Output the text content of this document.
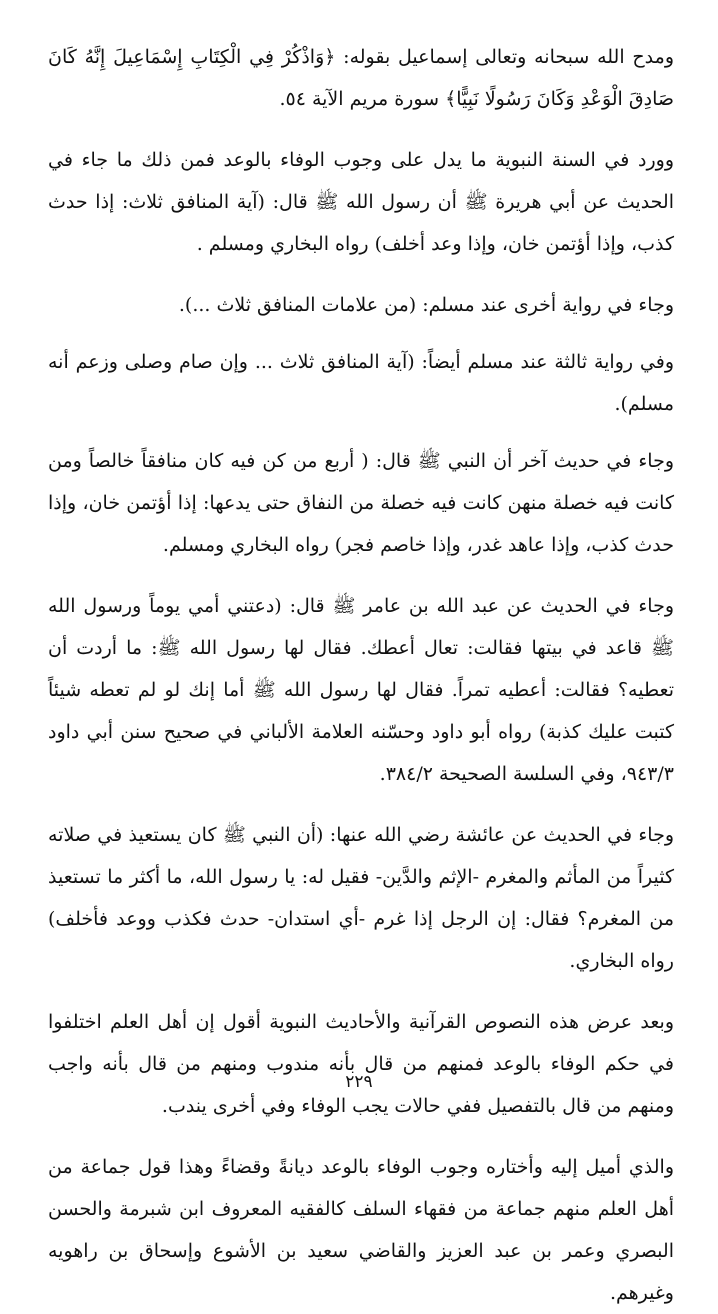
ومدح الله سبحانه وتعالى إسماعيل بقوله: ﴿وَاذْكُرْ فِي الْكِتَابِ إِسْمَاعِيلَ إِنَّهُ كَانَ صَادِقَ الْوَعْدِ وَكَانَ رَسُولًا نَبِيًّا﴾ سورة مريم الآية ٥٤.

وورد في السنة النبوية ما يدل على وجوب الوفاء بالوعد فمن ذلك ما جاء في الحديث عن أبي هريرة ﷺ أن رسول الله ﷺ قال: (آية المنافق ثلاث: إذا حدث كذب، وإذا أؤتمن خان، وإذا وعد أخلف) رواه البخاري ومسلم .

وجاء في رواية أخرى عند مسلم: (من علامات المنافق ثلاث ...).

وفي رواية ثالثة عند مسلم أيضاً: (آية المنافق ثلاث ... وإن صام وصلى وزعم أنه مسلم).

وجاء في حديث آخر أن النبي ﷺ قال: ( أربع من كن فيه كان منافقاً خالصاً ومن كانت فيه خصلة منهن كانت فيه خصلة من النفاق حتى يدعها: إذا أؤتمن خان، وإذا حدث كذب، وإذا عاهد غدر، وإذا خاصم فجر) رواه البخاري ومسلم.

وجاء في الحديث عن عبد الله بن عامر ﷺ قال: (دعتني أمي يوماً ورسول الله ﷺ قاعد في بيتها فقالت: تعال أعطك. فقال لها رسول الله ﷺ: ما أردت أن تعطيه؟ فقالت: أعطيه تمراً. فقال لها رسول الله ﷺ أما إنك لو لم تعطه شيئاً كتبت عليك كذبة) رواه أبو داود وحسّنه العلامة الألباني في صحيح سنن أبي داود ٩٤٣/٣، وفي السلسة الصحيحة ٣٨٤/٢.

وجاء في الحديث عن عائشة رضي الله عنها: (أن النبي ﷺ كان يستعيذ في صلاته كثيراً من المأثم والمغرم -الإثم والدَّين- فقيل له: يا رسول الله، ما أكثر ما تستعيذ من المغرم؟ فقال: إن الرجل إذا غرم -أي استدان- حدث فكذب ووعد فأخلف) رواه البخاري.

وبعد عرض هذه النصوص القرآنية والأحاديث النبوية أقول إن أهل العلم اختلفوا في حكم الوفاء بالوعد فمنهم من قال بأنه مندوب ومنهم من قال بأنه واجب ومنهم من قال بالتفصيل ففي حالات يجب الوفاء وفي أخرى يندب.

والذي أميل إليه وأختاره وجوب الوفاء بالوعد ديانةً وقضاءً وهذا قول جماعة من أهل العلم منهم جماعة من فقهاء السلف كالفقيه المعروف ابن شبرمة والحسن البصري وعمر بن عبد العزيز والقاضي سعيد بن الأشوع وإسحاق بن راهويه وغيرهم.

٢٢٩
